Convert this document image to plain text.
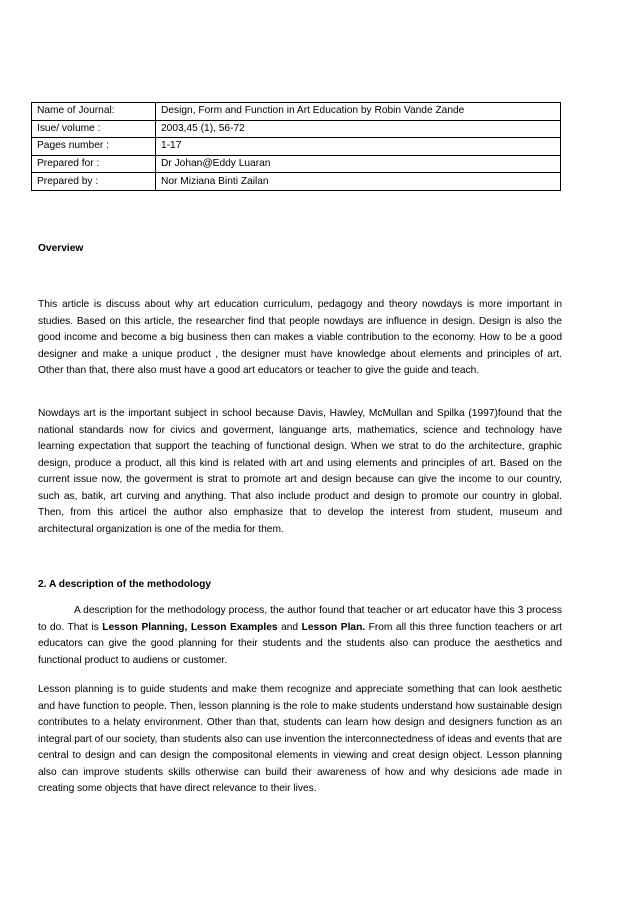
Name of Journal:	Design, Form and Function in Art Education by Robin Vande Zande
Isue/ volume :	2003,45 (1), 56-72
Pages number :	1-17
Prepared for :	Dr Johan@Eddy Luaran
Prepared by :	Nor Miziana Binti Zailan
Overview

This article is discuss about why art education curriculum, pedagogy and theory nowdays is more important in studies. Based on this article, the researcher find that people nowdays are influence in design. Design is also the good income and become a big business then can makes a viable contribution to the economy. How to be a good designer and make a unique product , the designer must have knowledge about elements and principles of art. Other than that, there also must have a good art educators or teacher to give the guide and teach.

Nowdays art is the important subject in school because Davis, Hawley, McMullan and Spilka (1997)found that the national standards now for civics and goverment, languange arts, mathematics, science and technology have learning expectation that support the teaching of functional design. When we strat to do the architecture, graphic design, produce a product, all this kind is related with art and using elements and principles of art. Based on the current issue now, the goverment is strat to promote art and design because can give the income to our country, such as, batik, art curving and anything. That also include product and design to promote our country in global. Then, from this articel the author also emphasize that to develop the interest from student, museum and architectural organization is one of the media for them.

2. A description of the methodology

A description for the methodology process, the author found that teacher or art educator have this 3 process to do. That is Lesson Planning, Lesson Examples and Lesson Plan. From all this three function teachers or art educators can give the good planning for their students and the students also can produce the aesthetics and functional product to audiens or customer.

Lesson planning is to guide students and make them recognize and appreciate something that can look aesthetic and have function to people. Then, lesson planning is the role to make students understand how sustainable design contributes to a helaty environment. Other than that, students can learn how design and designers function as an integral part of our society, than students also can use invention the interconnectedness of ideas and events that are central to design and can design the compositonal elements in viewing and creat design object. Lesson planning also can improve students skills otherwise can build their awareness of how and why desicions ade made in creating some objects that have direct relevance to their lives.
